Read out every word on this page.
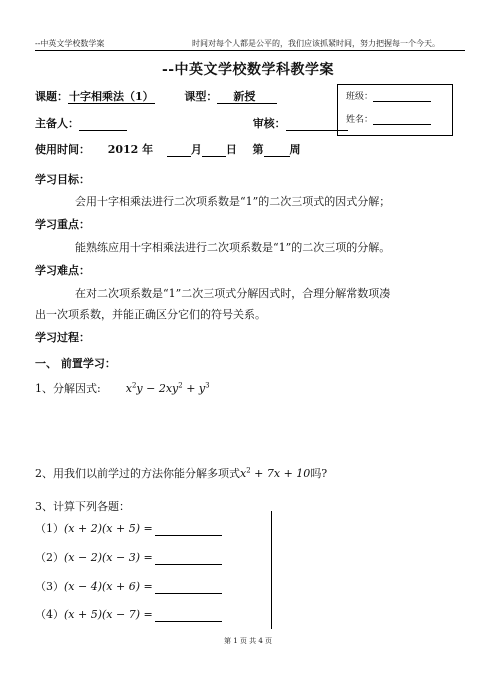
--中英文学校数学案	时间对每个人都是公平的，我们应该抓紧时间，努力把握每一个今天。
--中英文学校数学科教学案
课题：十字相乘法（1）	课型： 新授
主备人：	审核：
使用时间： 2012 年	月 日 第 周
班级：
姓名：
学习目标：
会用十字相乘法进行二次项系数是“1”的二次三项式的因式分解；
学习重点：
能熟练应用十字相乘法进行二次项系数是“1”的二次三项的分解。
学习难点：
在对二次项系数是“1”二次三项式分解因式时，合理分解常数项凑
出一次项系数，并能正确区分它们的符号关系。
学习过程：
一、 前置学习：
1、分解因式: $x^2y - 2xy^2 + y^3$
2、用我们以前学过的方法你能分解多项式$x^2 + 7x + 10$吗?
3、计算下列各题：
（1）(x + 2)(x + 5) =
（2）(x − 2)(x − 3) =
（3）(x − 4)(x + 6) =
（4）(x + 5)(x − 7) =
第 1 页 共 4 页
